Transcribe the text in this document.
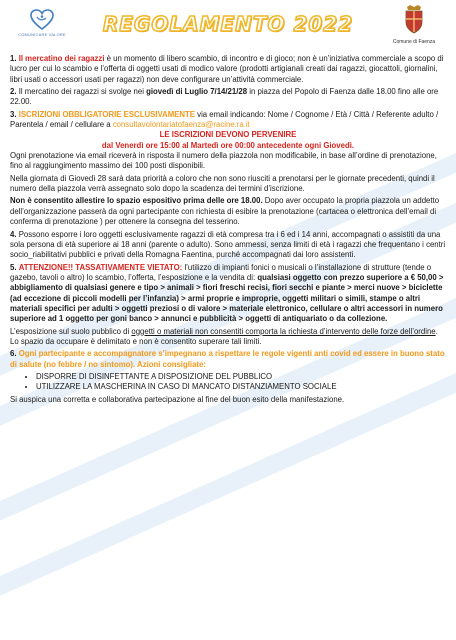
COMUNICARE VALORE	REGOLAMENTO 2022
Comune di Faenza

1. Il mercatino dei ragazzi è un momento di libero scambio, di incontro e di gioco; non è un’iniziativa commerciale a scopo di lucro per cui lo scambio e l’offerta di oggetti usati di modico valore (prodotti artigianali creati dai ragazzi, giocattoli, giornalini, libri usati o accessori usati per ragazzi) non deve configurare un’attività commerciale.

2. Il mercatino dei ragazzi si svolge nei giovedì di Luglio 7/14/21/28 in piazza del Popolo di Faenza dalle 18.00 fino alle ore 22.00.

3. ISCRIZIONI OBBLIGATORIE ESCLUSIVAMENTE via email indicando: Nome / Cognome / Età / Città / Referente adulto / Parentela / email / cellulare a consultavolontariatofaenza@racine.ra.it
LE ISCRIZIONI DEVONO PERVENIRE
dal Venerdì ore 15:00 al Martedì ore 00:00 antecedente ogni Giovedì.
Ogni prenotazione via email riceverà in risposta il numero della piazzola non modificabile, in base all’ordine di prenotazione, fino al raggiungimento massimo dei 100 posti disponibili.

Nella giornata di Giovedì 28 sarà data priorità a coloro che non sono riusciti a prenotarsi per le giornate precedenti, quindi il numero della piazzola verrà assegnato solo dopo la scadenza dei termini d’iscrizione.

Non è consentito allestire lo spazio espositivo prima delle ore 18.00. Dopo aver occupato la propria piazzola un addetto dell’organizzazione passerà da ogni partecipante con richiesta di esibire la prenotazione (cartacea o elettronica dell’email di conferma di prenotazione ) per ottenere la consegna del tesserino.

4. Possono esporre i loro oggetti esclusivamente ragazzi di età compresa tra i 6 ed i 14 anni, accompagnati o assistiti da una sola persona di età superiore ai 18 anni (parente o adulto). Sono ammessi, senza limiti di età i ragazzi che frequentano i centri socio_riabilitativi pubblici e privati della Romagna Faentina, purché accompagnati dai loro assistenti.

5. ATTENZIONE!! TASSATIVAMENTE VIETATO: l’utilizzo di impianti fonici o musicali o l’installazione di strutture (tende o gazebo, tavoli o altro) lo scambio, l’offerta, l’esposizione e la vendita di: qualsiasi oggetto con prezzo superiore a € 50,00 > abbigliamento di qualsiasi genere e tipo > animali > fiori freschi recisi, fiori secchi e piante > merci nuove > biciclette (ad eccezione di piccoli modelli per l’infanzia) > armi proprie e improprie, oggetti militari o simili, stampe o altri materiali specifici per adulti > oggetti preziosi o di valore > materiale elettronico, cellulare o altri accessori in numero superiore ad 1 oggetto per goni banco > annunci e pubblicità > oggetti di antiquariato o da collezione.

L’esposizione sul suolo pubblico di oggetti o materiali non consentiti comporta la richiesta d’intervento delle forze dell’ordine. Lo spazio da occupare è delimitato e non è consentito superare tali limiti.

6. Ogni partecipante e accompagnatore s’impegnano a rispettare le regole vigenti anti covid ed essere in buono stato di salute (no febbre / no sintomo). Azioni consigliate:

• DISPORRE DI DISINFETTANTE A DISPOSIZIONE DEL PUBBLICO
• UTILIZZARE LA MASCHERINA IN CASO DI MANCATO DISTANZIAMENTO SOCIALE

Si auspica una corretta e collaborativa partecipazione al fine del buon esito della manifestazione.
